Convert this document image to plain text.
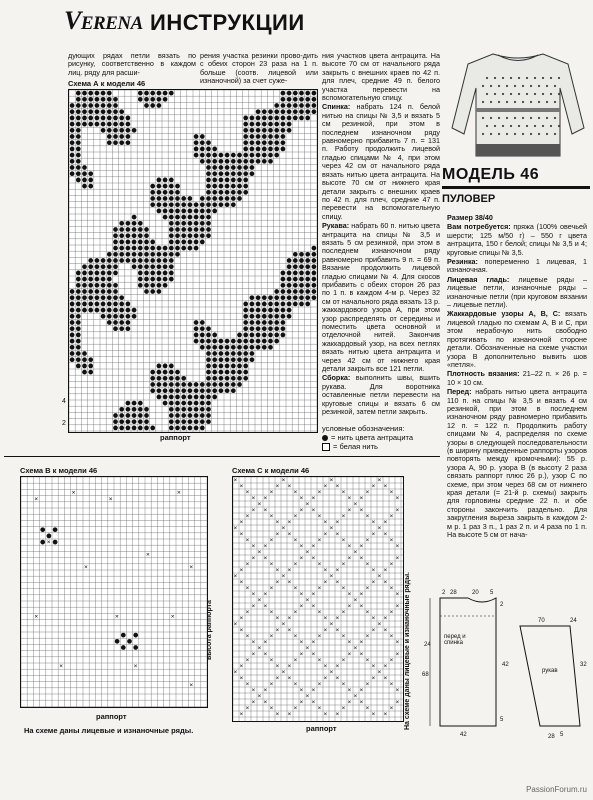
VERENA ИНСТРУКЦИИ
дующих рядах петли вязать по рисунку, соответственно в каждом лиц. ряду для расши-
рения участка резинки прово-дить с обеих сторон 23 раза на 1 п. больше (соотв. лицевой или изнаночной) за счет суже-
Схема А к модели 46
4
2
раппорт

ния участков цвета антрацита. На высоте 70 см от начального ряда закрыть с внешних краев по 42 п. для плеч, средние 49 п. белого участка перевести на вспомогательную спицу.

Спинка: набрать 124 п. белой нитью на спицы № 3,5 и вязать 5 см резинкой, при этом в последнем изнаночном ряду равномерно прибавить 7 п. = 131 п. Работу продолжить лицевой гладью спицами № 4, при этом через 42 см от начального ряда вязать нитью цвета антрацита. На высоте 70 см от нижнего края детали закрыть с внешних краев по 42 п. для плеч, средние 47 п. перевести на вспомогательную спицу.

Рукава: набрать 60 п. нитью цвета антрацита на спицы № 3,5 и вязать 5 см резинкой, при этом в последнем изнаночном ряду равномерно прибавить 9 п. = 69 п. Вязание продолжить лицевой гладью спицами № 4. Для скосов прибавить с обеих сторон 26 раз по 1 п. в каждом 4-м р. Через 32 см от начального ряда вязать 13 р. жаккардового узора А, при этом узор распределять от середины и поместить цвета основной и отделочной нитей. Закончив жаккардовый узор, на всех петлях вязать нитью цвета антрацита и через 42 см от нижнего края детали закрыть все 121 петли.

Сборка: выполнить швы, вшить рукава. Для воротника оставленные петли перевести на круговые спицы и вязать 6 см резинкой, затем петли закрыть.

условные обозначения:
= нить цвета антрацита
= белая нить
МОДЕЛЬ 46
ПУЛОВЕР

Размер 38/40

Вам потребуется: пряжа (100% овечьей шерсти; 125 м/50 г) – 550 г цвета антрацита, 150 г белой; спицы № 3,5 и 4; круговые спицы № 3,5.

Резинка: попеременно 1 лицевая, 1 изнаночная.

Лицевая гладь: лицевые ряды – лицевые петли, изнаночные ряды – изнаночные петли (при круговом вязании – лицевые петли).

Жаккардовые узоры А, В, С: вязать лицевой гладью по схемам А, В и С, при этом нерабочую нить свободно протягивать по изнаночной стороне детали. Обозначенные на схеме участки узора В дополнительно вывить шов «петля».

Плотность вязания: 21–22 п. × 26 р. = 10 × 10 см.

Перед: набрать нитью цвета антрацита 110 п. на спицы № 3,5 и вязать 4 см резинкой, при этом в последнем изнаночном ряду равномерно прибавить 12 п. = 122 п. Продолжить работу спицами № 4, распределяя по схеме узоры в следующей последовательности (в ширину приведенные раппорты узоров повторять между кромочными): 55 р. узора А, 90 р. узора В (в высоту 2 раза связать раппорт плюс 26 р.), узор С по схеме, при этом через 68 см от нижнего края детали (= 21-й р. схемы) закрыть для горловины средние 22 п. и обе стороны закончить раздельно. Для закругления выреза закрыть в каждом 2-м р. 1 раз 3 п., 1 раз 2 п. и 4 раза по 1 п. На высоте 5 см от нача-

Схема В к модели 46
×
×
×
×
×
×
×	×
×	×	×
×	×
×
высота раппорта
раппорт
На схеме даны лицевые и изнаночные ряды.
Схема С к модели 46
×	×	×	×
×	× ×	× ×	× ×
×	×	×	×	×	×	×
× ×	× ×	× ×	×
×	×	×
× ×	× ×	× ×	×
×	×	×	×	×	×	×
×	× ×	× ×	× ×
×	×	×	×
×	× ×	× ×	× ×
×	×	×	×	×	×	×
× ×	× ×	× ×	×
×	×	×
× ×	× ×	× ×	×
×	×	×	×	×	×	×
×	× ×	× ×	× ×
×	×	×	×
×	× ×	× ×	× ×
×	×	×	×	×	×	×
× ×	× ×	× ×	×
×	×	×
× ×	× ×	× ×	×
×	×	×	×	×	×	×
×	× ×	× ×	× ×
×	×	×	×
×	× ×	× ×	× ×
×	×	×	×	×	×	×
× ×	× ×	× ×	×
×	×	×
× ×	× ×	× ×	×
×	×	×	×	×	×	×
×	× ×	× ×	× ×
×	×	×	×
×	× ×	× ×	× ×
×	×	×	×	×	×	×
× ×	× ×	× ×	×
×	×	×
× ×	× ×	× ×	×
×	×	×	×	×	×	×
×	× ×	× ×	× × На схеме даны лицевые и изнаночные ряды.
раппорт
2 28	20 5
2
42
24
68
5
42
24
70
28
32
5
перед и спинка
рукав
PassionForum.ru
